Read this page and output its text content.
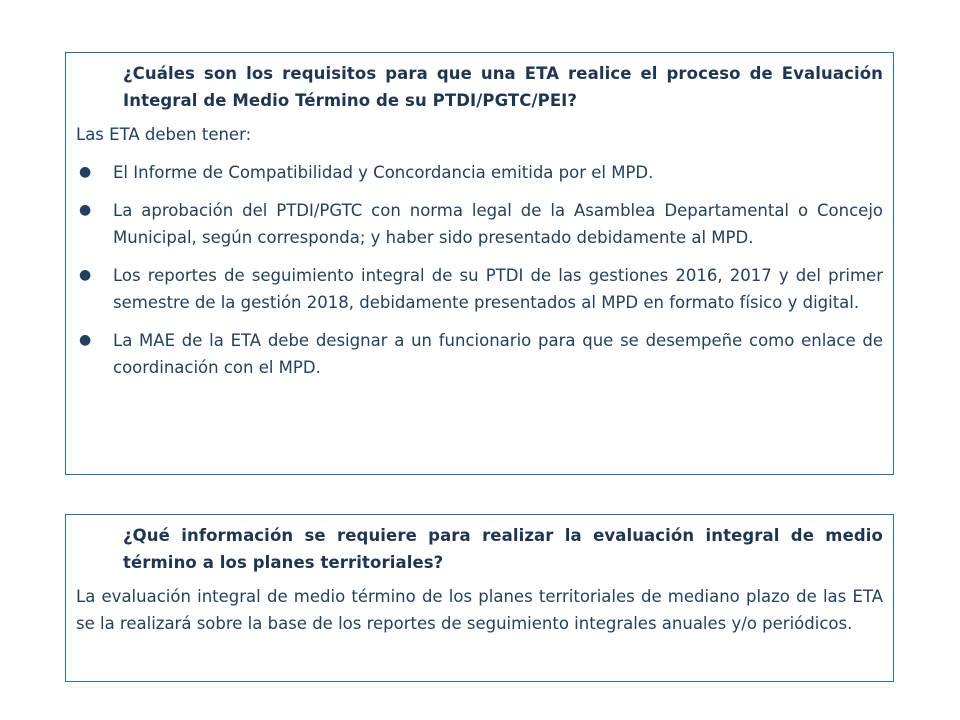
¿Cuáles son los requisitos para que una ETA realice el proceso de Evaluación Integral de Medio Término de su PTDI/PGTC/PEI?

Las ETA deben tener:

● El Informe de Compatibilidad y Concordancia emitida por el MPD.
● La aprobación del PTDI/PGTC con norma legal de la Asamblea Departamental o Concejo Municipal, según corresponda; y haber sido presentado debidamente al MPD.
● Los reportes de seguimiento integral de su PTDI de las gestiones 2016, 2017 y del primer semestre de la gestión 2018, debidamente presentados al MPD en formato físico y digital.
● La MAE de la ETA debe designar a un funcionario para que se desempeñe como enlace de coordinación con el MPD.

¿Qué información se requiere para realizar la evaluación integral de medio término a los planes territoriales?

La evaluación integral de medio término de los planes territoriales de mediano plazo de las ETA se la realizará sobre la base de los reportes de seguimiento integrales anuales y/o periódicos.
